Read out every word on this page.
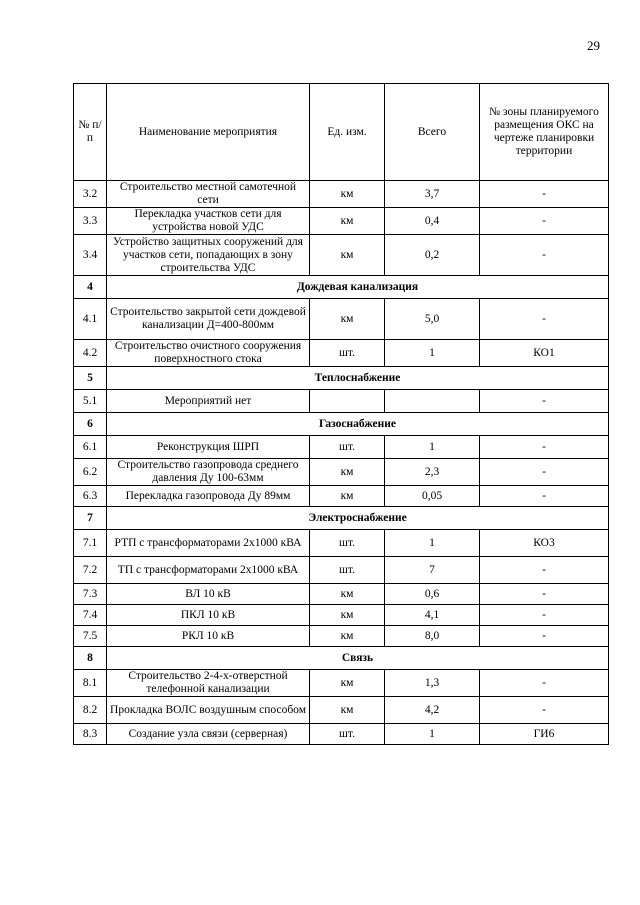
29
№ п/п	Наименование мероприятия	Ед. изм.	Всего	№ зоны планируемого размещения ОКС на чертеже планировки территории
3.2	Строительство местной самотечной сети	км	3,7	-
3.3	Перекладка участков сети для устройства новой УДС	км	0,4	-
3.4	Устройство защитных сооружений для участков сети, попадающих в зону строительства УДС	км	0,2	-
4	Дождевая канализация			
4.1	Строительство закрытой сети дождевой канализации Д=400-800мм	км	5,0	-
4.2	Строительство очистного сооружения поверхностного стока	шт.	1	КО1
5	Теплоснабжение			
5.1	Мероприятий нет			-
6	Газоснабжение			
6.1	Реконструкция ШРП	шт.	1	-
6.2	Строительство газопровода среднего давления Ду 100-63мм	км	2,3	-
6.3	Перекладка газопровода Ду 89мм	км	0,05	-
7	Электроснабжение			
7.1	РТП с трансформаторами 2х1000 кВА	шт.	1	КО3
7.2	ТП с трансформаторами 2х1000 кВА	шт.	7	-
7.3	ВЛ 10 кВ	км	0,6	-
7.4	ПКЛ 10 кВ	км	4,1	-
7.5	РКЛ 10 кВ	км	8,0	-
8	Связь			
8.1	Строительство 2-4-х-отверстной телефонной канализации	км	1,3	-
8.2	Прокладка ВОЛС воздушным способом	км	4,2	-
8.3	Создание узла связи (серверная)	шт.	1	ГИ6
